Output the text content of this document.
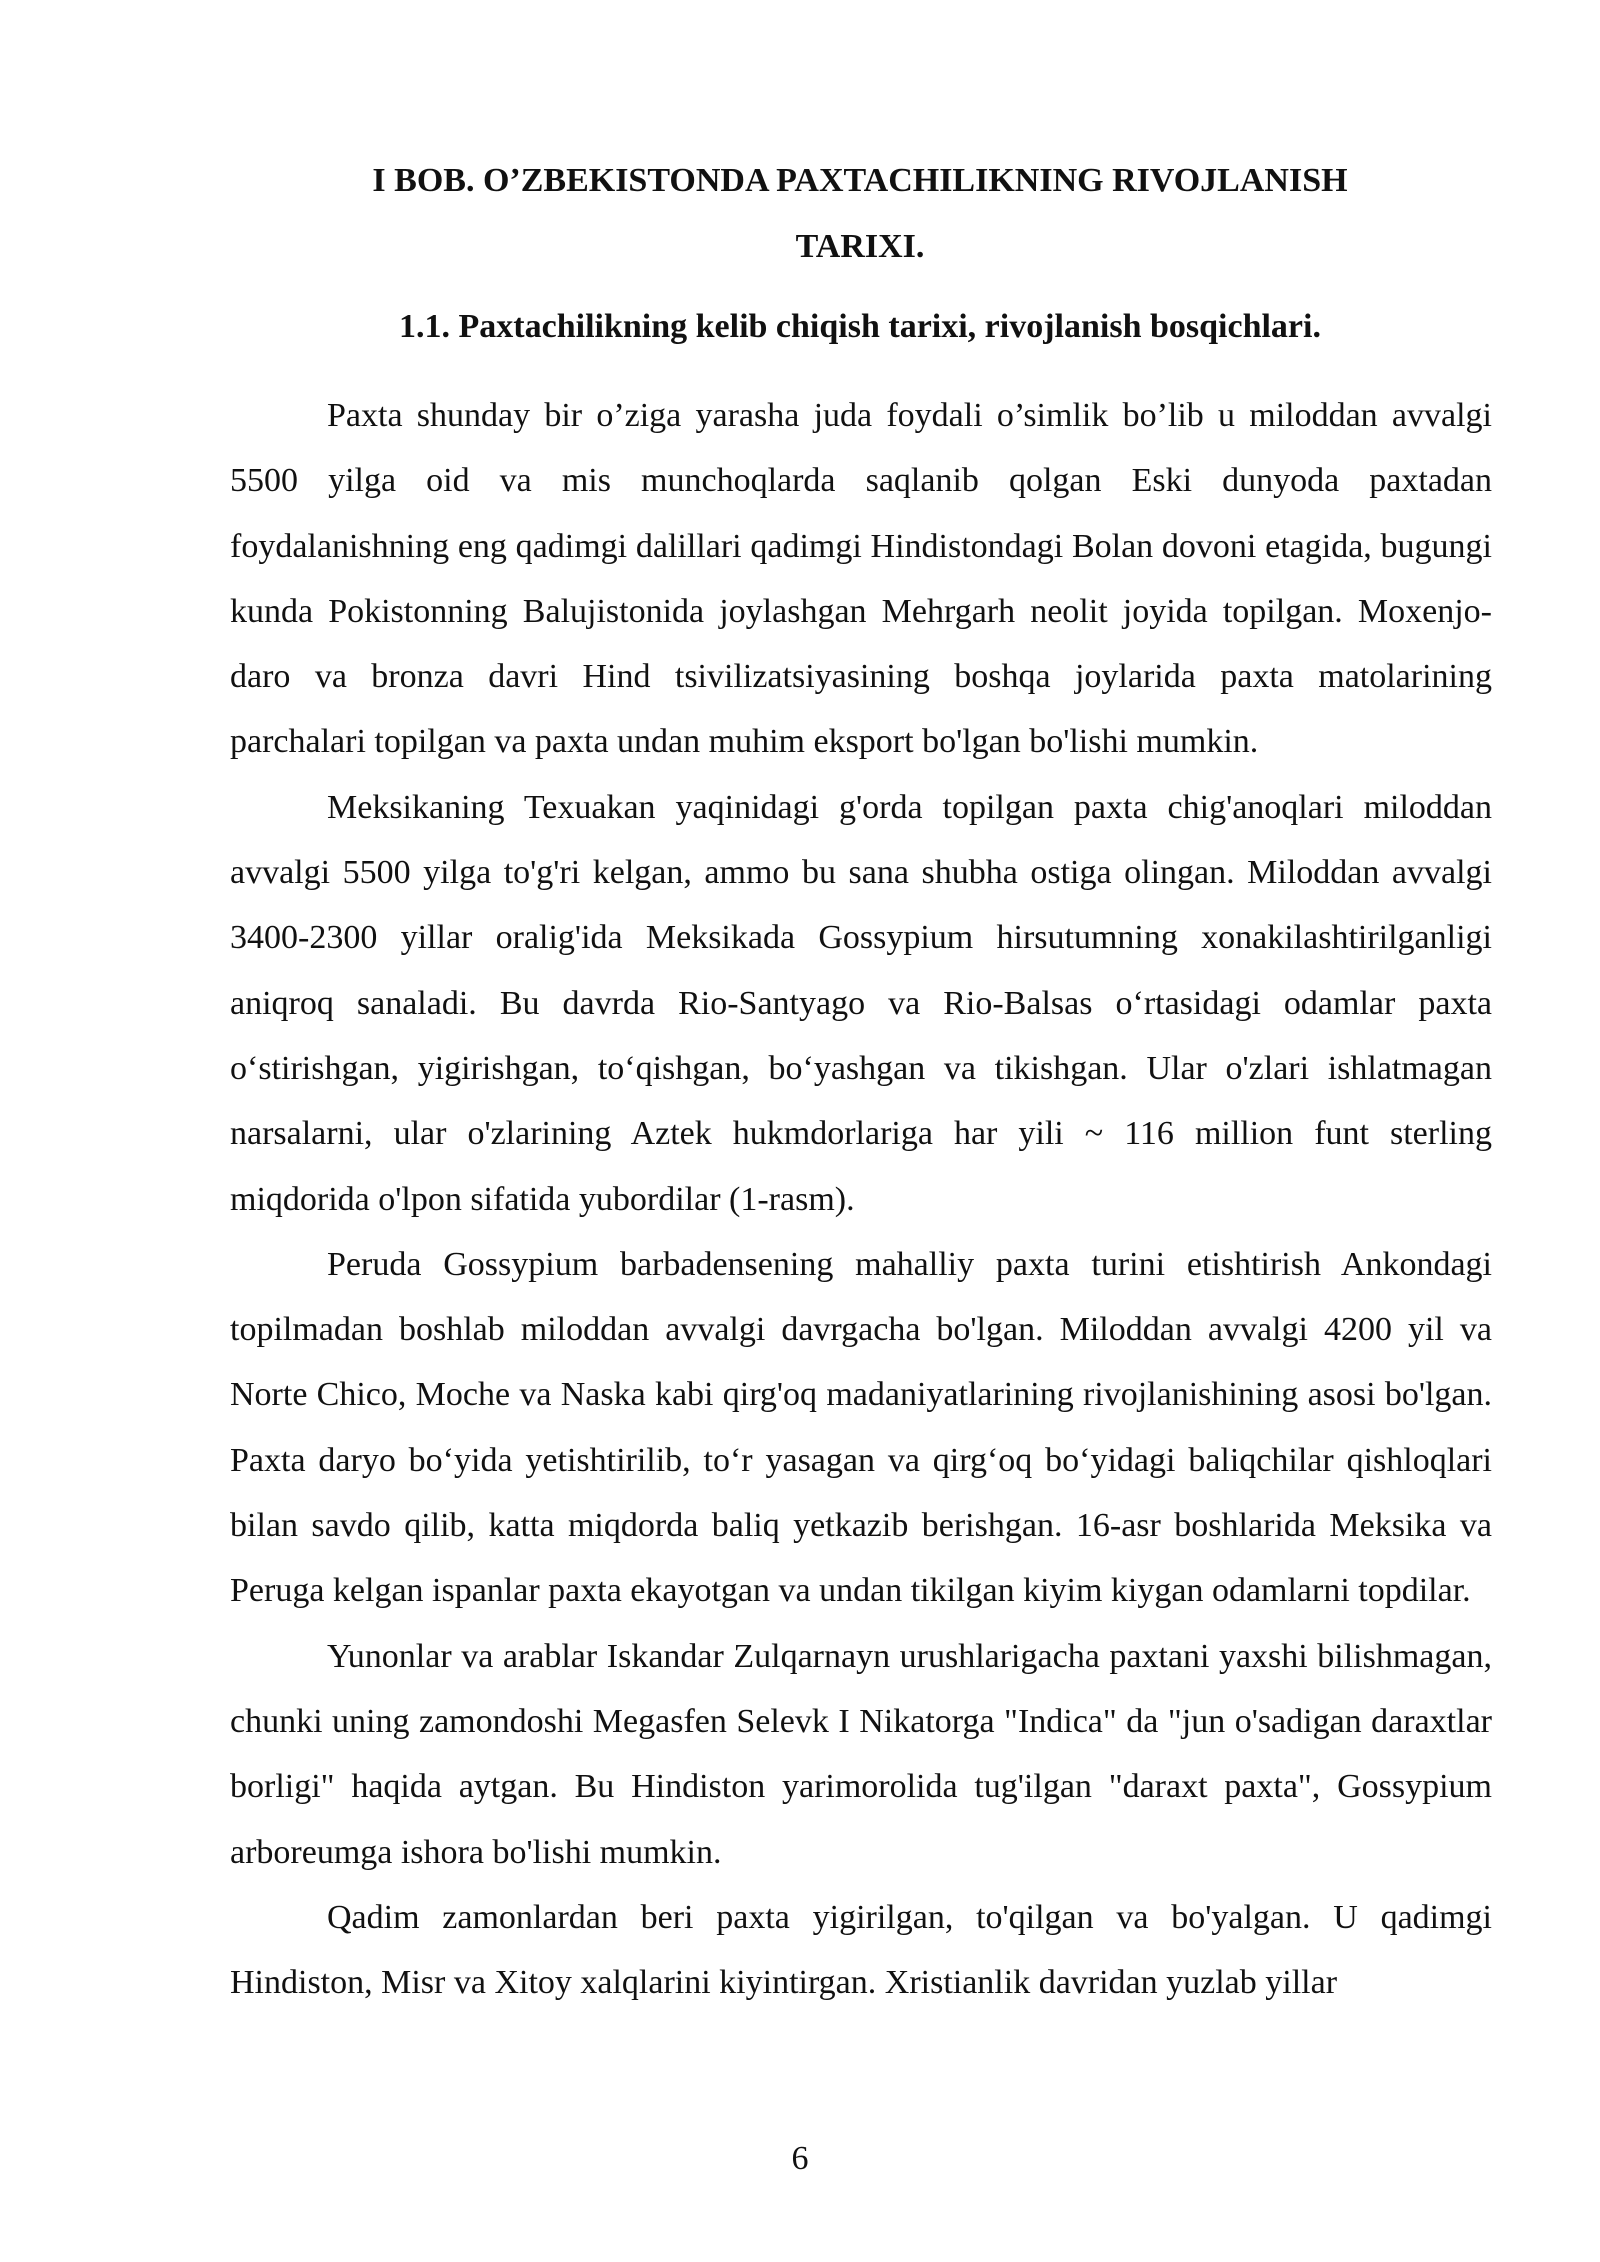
I BOB. O’ZBEKISTONDA PAXTACHILIKNING RIVOJLANISH
TARIXI.
1.1. Paxtachilikning kelib chiqish tarixi, rivojlanish bosqichlari.

Paxta shunday bir o’ziga yarasha juda foydali o’simlik bo’lib u miloddan avvalgi 5500 yilga oid va mis munchoqlarda saqlanib qolgan Eski dunyoda paxtadan foydalanishning eng qadimgi dalillari qadimgi Hindistondagi Bolan dovoni etagida, bugungi kunda Pokistonning Balujistonida joylashgan Mehrgarh neolit joyida topilgan. Moxenjo-daro va bronza davri Hind tsivilizatsiyasining boshqa joylarida paxta matolarining parchalari topilgan va paxta undan muhim eksport bo'lgan bo'lishi mumkin.

Meksikaning Texuakan yaqinidagi g'orda topilgan paxta chig'anoqlari miloddan avvalgi 5500 yilga to'g'ri kelgan, ammo bu sana shubha ostiga olingan. Miloddan avvalgi 3400-2300 yillar oralig'ida Meksikada Gossypium hirsutumning xonakilashtirilganligi aniqroq sanaladi. Bu davrda Rio-Santyago va Rio-Balsas o‘rtasidagi odamlar paxta o‘stirishgan, yigirishgan, to‘qishgan, bo‘yashgan va tikishgan. Ular o'zlari ishlatmagan narsalarni, ular o'zlarining Aztek hukmdorlariga har yili ~ 116 million funt sterling miqdorida o'lpon sifatida yubordilar (1-rasm).

Peruda Gossypium barbadensening mahalliy paxta turini etishtirish Ankondagi topilmadan boshlab miloddan avvalgi davrgacha bo'lgan. Miloddan avvalgi 4200 yil va Norte Chico, Moche va Naska kabi qirg'oq madaniyatlarining rivojlanishining asosi bo'lgan. Paxta daryo bo‘yida yetishtirilib, to‘r yasagan va qirg‘oq bo‘yidagi baliqchilar qishloqlari bilan savdo qilib, katta miqdorda baliq yetkazib berishgan. 16-asr boshlarida Meksika va Peruga kelgan ispanlar paxta ekayotgan va undan tikilgan kiyim kiygan odamlarni topdilar.

Yunonlar va arablar Iskandar Zulqarnayn urushlarigacha paxtani yaxshi bilishmagan, chunki uning zamondoshi Megasfen Selevk I Nikatorga "Indica" da "jun o'sadigan daraxtlar borligi" haqida aytgan. Bu Hindiston yarimorolida tug'ilgan "daraxt paxta", Gossypium arboreumga ishora bo'lishi mumkin.

Qadim zamonlardan beri paxta yigirilgan, to'qilgan va bo'yalgan. U qadimgi Hindiston, Misr va Xitoy xalqlarini kiyintirgan. Xristianlik davridan yuzlab yillar

6
